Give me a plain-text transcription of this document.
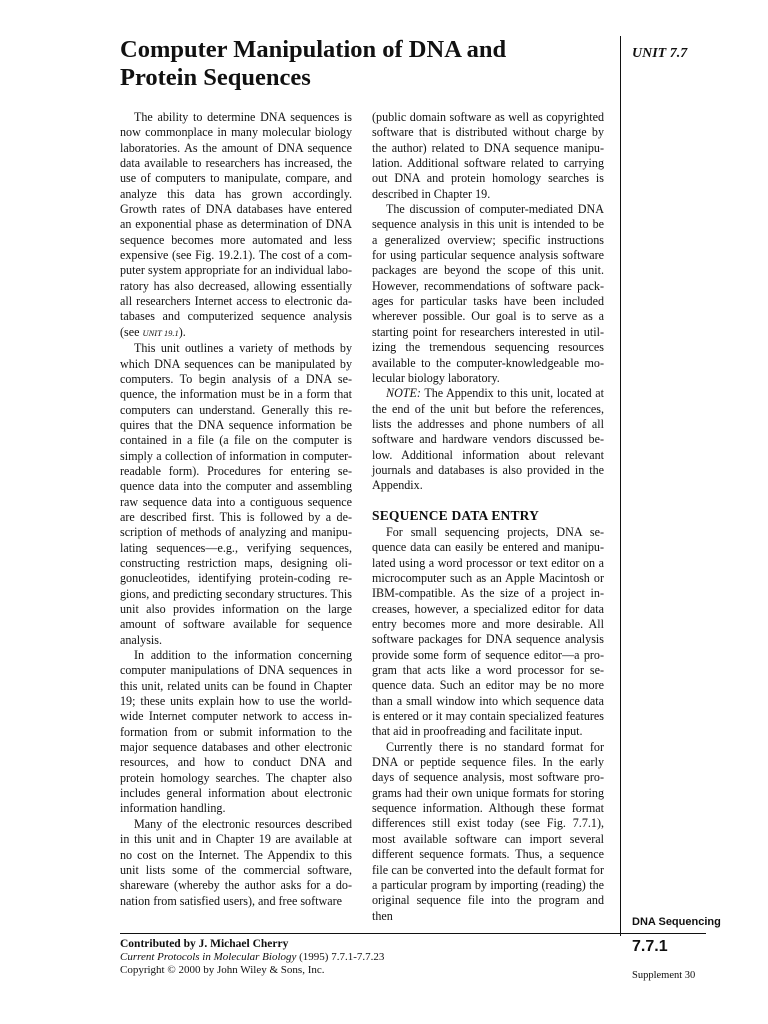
Computer Manipulation of DNA and Protein Sequences
UNIT 7.7

The ability to determine DNA sequences is now commonplace in many molecular biology laboratories. As the amount of DNA sequence data available to researchers has increased, the use of computers to manipulate, compare, and analyze this data has grown accordingly. Growth rates of DNA databases have entered an exponential phase as determination of DNA sequence becomes more automated and less expensive (see Fig. 19.2.1). The cost of a computer system appropriate for an individual laboratory has also decreased, allowing essentially all researchers Internet access to electronic databases and computerized sequence analysis (see UNIT 19.1).

This unit outlines a variety of methods by which DNA sequences can be manipulated by computers. To begin analysis of a DNA sequence, the information must be in a form that computers can understand. Generally this requires that the DNA sequence information be contained in a file (a file on the computer is simply a collection of information in computer-readable form). Procedures for entering sequence data into the computer and assembling raw sequence data into a contiguous sequence are described first. This is followed by a description of methods of analyzing and manipulating sequences—e.g., verifying sequences, constructing restriction maps, designing oligonucleotides, identifying protein-coding regions, and predicting secondary structures. This unit also provides information on the large amount of software available for sequence analysis.

In addition to the information concerning computer manipulations of DNA sequences in this unit, related units can be found in Chapter 19; these units explain how to use the world-wide Internet computer network to access information from or submit information to the major sequence databases and other electronic resources, and how to conduct DNA and protein homology searches. The chapter also includes general information about electronic information handling.

Many of the electronic resources described in this unit and in Chapter 19 are available at no cost on the Internet. The Appendix to this unit lists some of the commercial software, shareware (whereby the author asks for a donation from satisfied users), and free software

(public domain software as well as copyrighted software that is distributed without charge by the author) related to DNA sequence manipulation. Additional software related to carrying out DNA and protein homology searches is described in Chapter 19.

The discussion of computer-mediated DNA sequence analysis in this unit is intended to be a generalized overview; specific instructions for using particular sequence analysis software packages are beyond the scope of this unit. However, recommendations of software packages for particular tasks have been included wherever possible. Our goal is to serve as a starting point for researchers interested in utilizing the tremendous sequencing resources available to the computer-knowledgeable molecular biology laboratory.

NOTE: The Appendix to this unit, located at the end of the unit but before the references, lists the addresses and phone numbers of all software and hardware vendors discussed below. Additional information about relevant journals and databases is also provided in the Appendix.

SEQUENCE DATA ENTRY

For small sequencing projects, DNA sequence data can easily be entered and manipulated using a word processor or text editor on a microcomputer such as an Apple Macintosh or IBM-compatible. As the size of a project increases, however, a specialized editor for data entry becomes more and more desirable. All software packages for DNA sequence analysis provide some form of sequence editor—a program that acts like a word processor for sequence data. Such an editor may be no more than a small window into which sequence data is entered or it may contain specialized features that aid in proofreading and facilitate input.

Currently there is no standard format for DNA or peptide sequence files. In the early days of sequence analysis, most software programs had their own unique formats for storing sequence information. Although these format differences still exist today (see Fig. 7.7.1), most available software can import several different sequence formats. Thus, a sequence file can be converted into the default format for a particular program by importing (reading) the original sequence file into the program and then

Contributed by J. Michael Cherry
Current Protocols in Molecular Biology (1995) 7.7.1-7.7.23
Copyright © 2000 by John Wiley & Sons, Inc.
DNA Sequencing
7.7.1
Supplement 30
